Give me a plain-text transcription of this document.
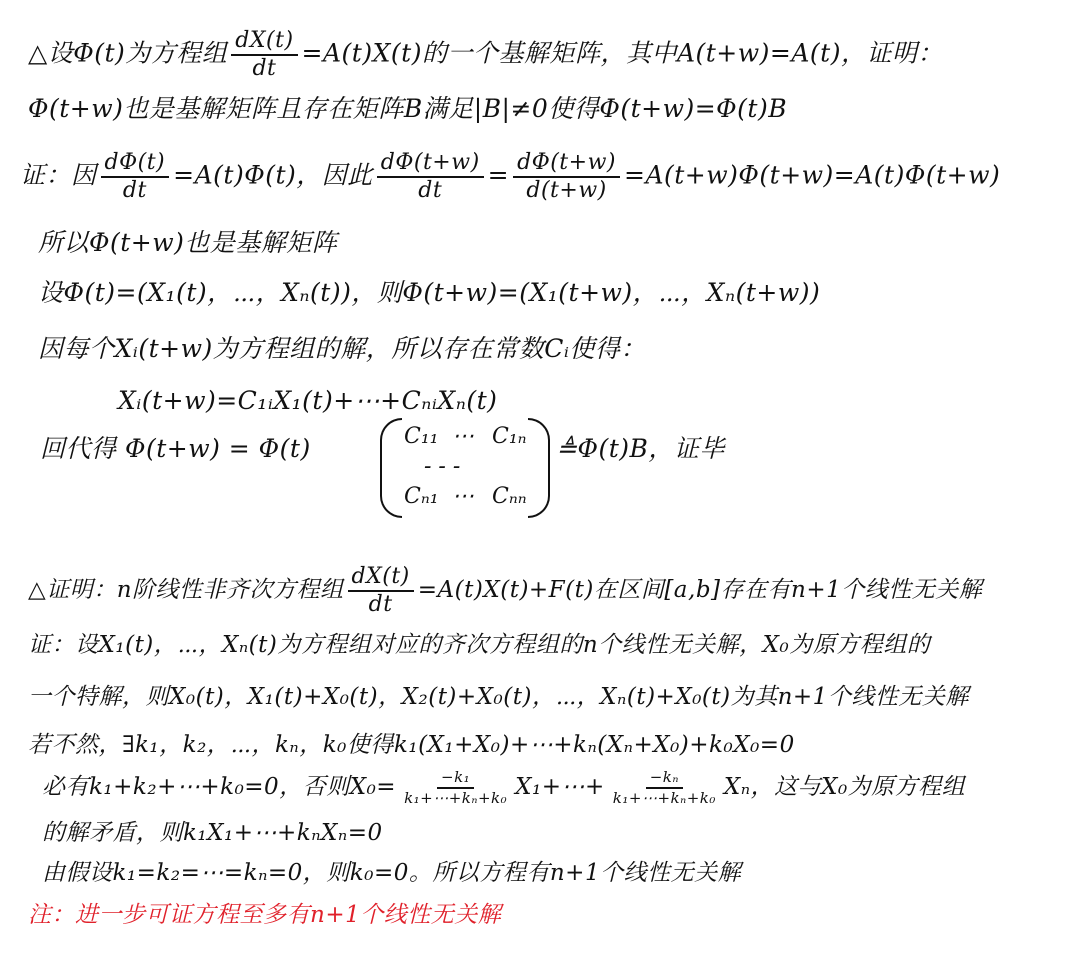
△设Φ(t)为方程组 $\frac{dX(t)}{dt} =A(t)X(t)$的一个基解矩阵，其中A(t+w)=A(t)，证明：
Φ(t+w)也是基解矩阵且存在矩阵B满足|B|≠0使得Φ(t+w)=Φ(t)B
证：因 $\frac{d\Phi(t)}{dt} =A(t)\Phi(t)$，因此 $\frac{d\Phi(t+w)}{dt} = \frac{d\Phi(t+w)}{d(t+w)} =A(t+w)\Phi(t+w)=A(t)\Phi(t+w)$
所以Φ(t+w)也是基解矩阵
设Φ(t)=(X₁(t)，⋯，Xₙ(t))，则Φ(t+w)=(X₁(t+w)，⋯，Xₙ(t+w))
因每个Xᵢ(t+w)为方程组的解，所以存在常数Cᵢ使得：
Xᵢ(t+w)=C₁ᵢX₁(t)+⋯+CₙᵢXₙ(t)
回代得 Φ(t+w) = Φ(t)	C₁₁ ⋯ C₁ₙ
- - -
Cₙ₁ ⋯ Cₙₙ
≜Φ(t)B，证毕
△证明：n阶线性非齐次方程组 $\frac{dX(t)}{dt} =A(t)X(t)+F(t)$在区间[a,b]存在有n+1个线性无关解
证：设X₁(t)，⋯，Xₙ(t)为方程组对应的齐次方程组的n个线性无关解，X₀为原方程组的
一个特解，则X₀(t)，X₁(t)+X₀(t)，X₂(t)+X₀(t)，⋯，Xₙ(t)+X₀(t)为其n+1个线性无关解
若不然，∃k₁，k₂，⋯，kₙ，k₀使得k₁(X₁+X₀)+⋯+kₙ(Xₙ+X₀)+k₀X₀=0
必有k₁+k₂+⋯+k₀=0，否则$X_0= \frac{\text{−k₁}}{\text{k₁+⋯+kₙ+k₀}}$ X₁+⋯+ $\frac{\text{−kₙ}}{\text{k₁+⋯+kₙ+k₀}}$ Xₙ，这与X₀为原方程组
的解矛盾，则k₁X₁+⋯+kₙXₙ=0
由假设k₁=k₂=⋯=kₙ=0，则k₀=0。所以方程有n+1个线性无关解
注：进一步可证方程至多有n+1个线性无关解
